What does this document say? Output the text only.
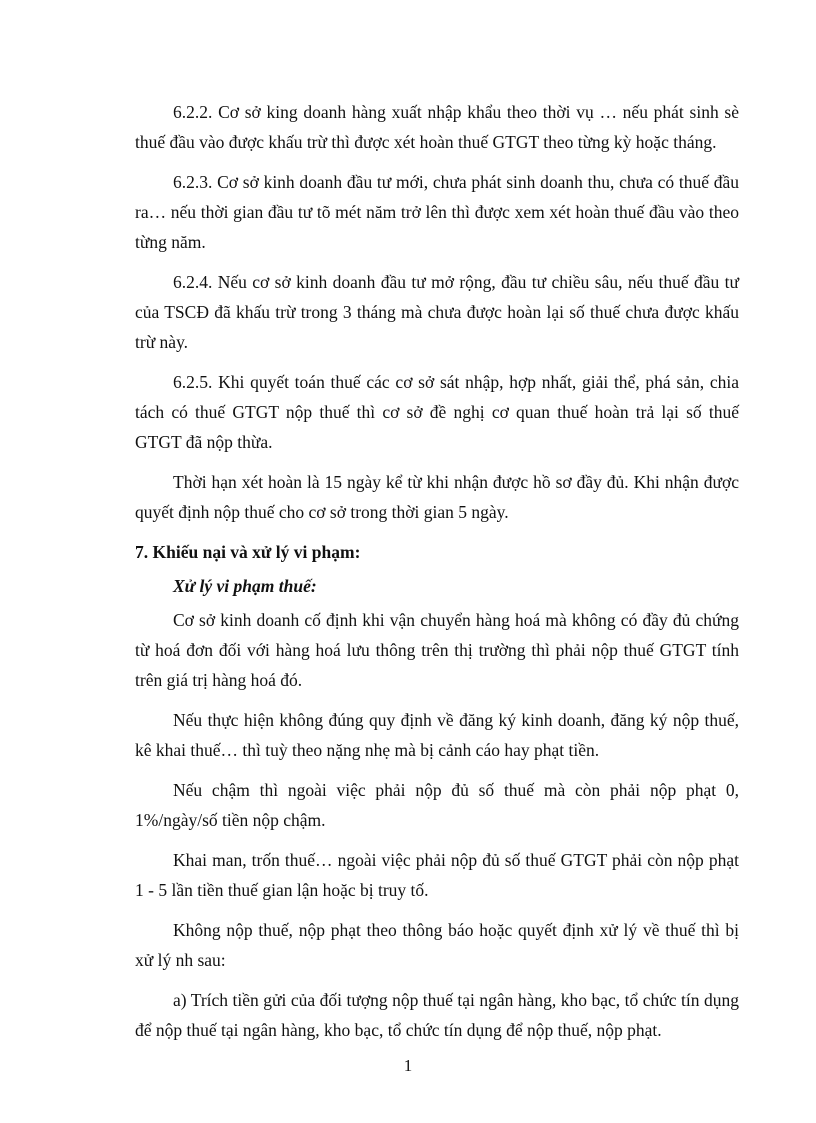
6.2.2. Cơ sở king doanh hàng xuất nhập khẩu theo thời vụ … nếu phát sinh sè thuế đầu vào được khấu trừ thì được xét hoàn thuế GTGT theo từng kỳ hoặc tháng.

6.2.3. Cơ sở kinh doanh đầu tư mới, chưa phát sinh doanh thu, chưa có thuế đầu ra… nếu thời gian đầu tư tõ mét năm trở lên thì được xem xét hoàn thuế đầu vào theo từng năm.

6.2.4. Nếu cơ sở kinh doanh đầu tư mở rộng, đầu tư chiều sâu, nếu thuế đầu tư của TSCĐ đã khấu trừ trong 3 tháng mà chưa được hoàn lại số thuế chưa được khấu trừ này.

6.2.5. Khi quyết toán thuế các cơ sở sát nhập, hợp nhất, giải thể, phá sản, chia tách có thuế GTGT nộp thuế thì cơ sở đề nghị cơ quan thuế hoàn trả lại số thuế GTGT đã nộp thừa.

Thời hạn xét hoàn là 15 ngày kể từ khi nhận được hồ sơ đầy đủ. Khi nhận được quyết định nộp thuế cho cơ sở trong thời gian 5 ngày.

7. Khiếu nại và xử lý vi phạm:

Xử lý vi phạm thuế:

Cơ sở kinh doanh cố định khi vận chuyển hàng hoá mà không có đầy đủ chứng từ hoá đơn đối với hàng hoá lưu thông trên thị trường thì phải nộp thuế GTGT tính trên giá trị hàng hoá đó.

Nếu thực hiện không đúng quy định về đăng ký kinh doanh, đăng ký nộp thuế, kê khai thuế… thì tuỳ theo nặng nhẹ mà bị cảnh cáo hay phạt tiền.

Nếu chậm thì ngoài việc phải nộp đủ số thuế mà còn phải nộp phạt 0, 1%/ngày/số tiền nộp chậm.

Khai man, trốn thuế… ngoài việc phải nộp đủ số thuế GTGT phải còn nộp phạt 1 - 5 lần tiền thuế gian lận hoặc bị truy tố.

Không nộp thuế, nộp phạt theo thông báo hoặc quyết định xử lý về thuế thì bị xử lý nh sau:

a) Trích tiền gửi của đối tượng nộp thuế tại ngân hàng, kho bạc, tổ chức tín dụng để nộp thuế tại ngân hàng, kho bạc, tổ chức tín dụng để nộp thuế, nộp phạt.

1
